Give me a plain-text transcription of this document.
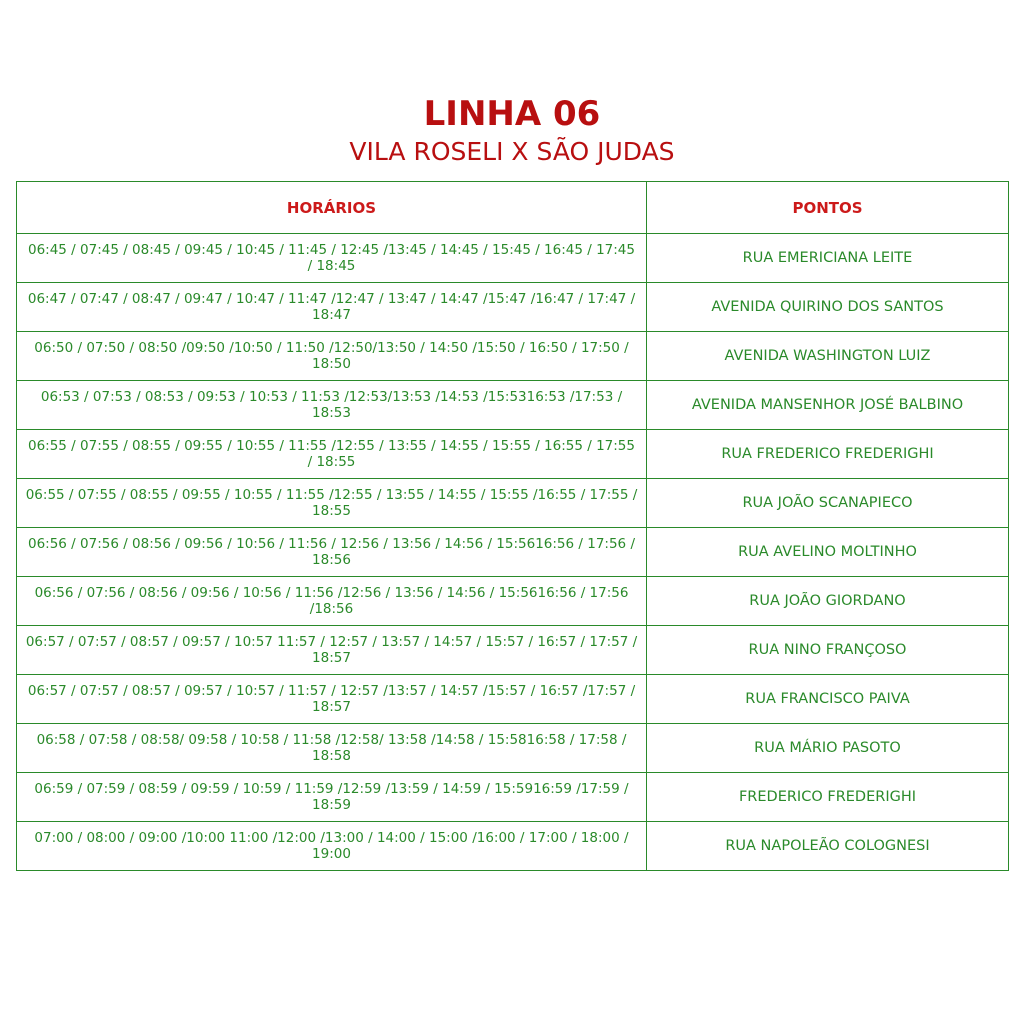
LINHA 06
VILA ROSELI X SÃO JUDAS
HORÁRIOS	PONTOS
06:45 / 07:45 / 08:45 / 09:45 / 10:45 / 11:45 / 12:45 /13:45 / 14:45 / 15:45 / 16:45 / 17:45 / 18:45	RUA EMERICIANA LEITE
06:47 / 07:47 / 08:47 / 09:47 / 10:47 / 11:47 /12:47 / 13:47 / 14:47 /15:47 /16:47 / 17:47 / 18:47	AVENIDA QUIRINO DOS SANTOS
06:50 / 07:50 / 08:50 /09:50 /10:50 / 11:50 /12:50/13:50 / 14:50 /15:50 / 16:50 / 17:50 / 18:50	AVENIDA WASHINGTON LUIZ
06:53 / 07:53 / 08:53 / 09:53 / 10:53 / 11:53 /12:53/13:53 /14:53 /15:5316:53 /17:53 / 18:53	AVENIDA MANSENHOR JOSÉ BALBINO
06:55 / 07:55 / 08:55 / 09:55 / 10:55 / 11:55 /12:55 / 13:55 / 14:55 / 15:55 / 16:55 / 17:55 / 18:55	RUA FREDERICO FREDERIGHI
06:55 / 07:55 / 08:55 / 09:55 / 10:55 / 11:55 /12:55 / 13:55 / 14:55 / 15:55 /16:55 / 17:55 / 18:55	RUA JOÃO SCANAPIECO
06:56 / 07:56 / 08:56 / 09:56 / 10:56 / 11:56 / 12:56 / 13:56 / 14:56 / 15:5616:56 / 17:56 / 18:56	RUA AVELINO MOLTINHO
06:56 / 07:56 / 08:56 / 09:56 / 10:56 / 11:56 /12:56 / 13:56 / 14:56 / 15:5616:56 / 17:56 /18:56	RUA JOÃO GIORDANO
06:57 / 07:57 / 08:57 / 09:57 / 10:57 11:57 / 12:57 / 13:57 / 14:57 / 15:57 / 16:57 / 17:57 / 18:57	RUA NINO FRANÇOSO
06:57 / 07:57 / 08:57 / 09:57 / 10:57 / 11:57 / 12:57 /13:57 / 14:57 /15:57 / 16:57 /17:57 / 18:57	RUA FRANCISCO PAIVA
06:58 / 07:58 / 08:58/ 09:58 / 10:58 / 11:58 /12:58/ 13:58 /14:58 / 15:5816:58 / 17:58 / 18:58	RUA MÁRIO PASOTO
06:59 / 07:59 / 08:59 / 09:59 / 10:59 / 11:59 /12:59 /13:59 / 14:59 / 15:5916:59 /17:59 / 18:59	FREDERICO FREDERIGHI
07:00 / 08:00 / 09:00 /10:00 11:00 /12:00 /13:00 / 14:00 / 15:00 /16:00 / 17:00 / 18:00 / 19:00	RUA NAPOLEÃO COLOGNESI
